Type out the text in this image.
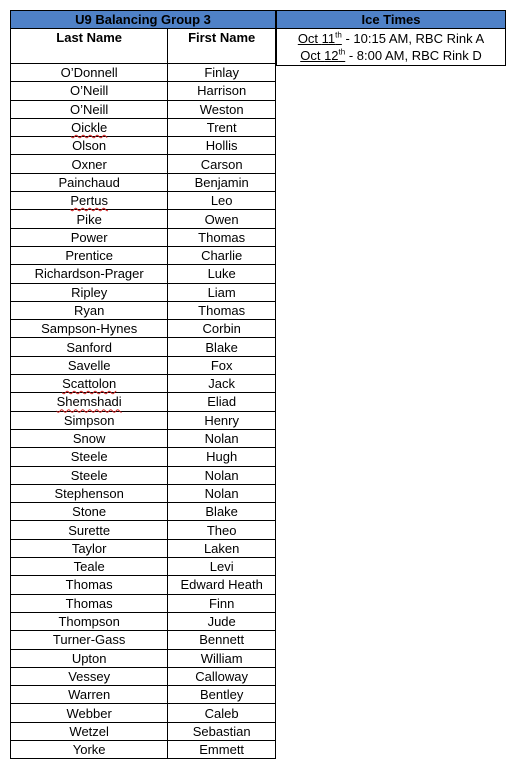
U9 Balancing Group 3	
Last Name	First Name
O’Donnell	Finlay
O’Neill	Harrison
O’Neill	Weston
Oickle	Trent
Olson	Hollis
Oxner	Carson
Painchaud	Benjamin
Pertus	Leo
Pike	Owen
Power	Thomas
Prentice	Charlie
Richardson-Prager	Luke
Ripley	Liam
Ryan	Thomas
Sampson-Hynes	Corbin
Sanford	Blake
Savelle	Fox
Scattolon	Jack
Shemshadi	Eliad
Simpson	Henry
Snow	Nolan
Steele	Hugh
Steele	Nolan
Stephenson	Nolan
Stone	Blake
Surette	Theo
Taylor	Laken
Teale	Levi
Thomas	Edward Heath
Thomas	Finn
Thompson	Jude
Turner-Gass	Bennett
Upton	William
Vessey	Calloway
Warren	Bentley
Webber	Caleb
Wetzel	Sebastian
Yorke	Emmett
Ice Times

Oct 11th - 10:15 AM, RBC Rink A
Oct 12th - 8:00 AM, RBC Rink D
